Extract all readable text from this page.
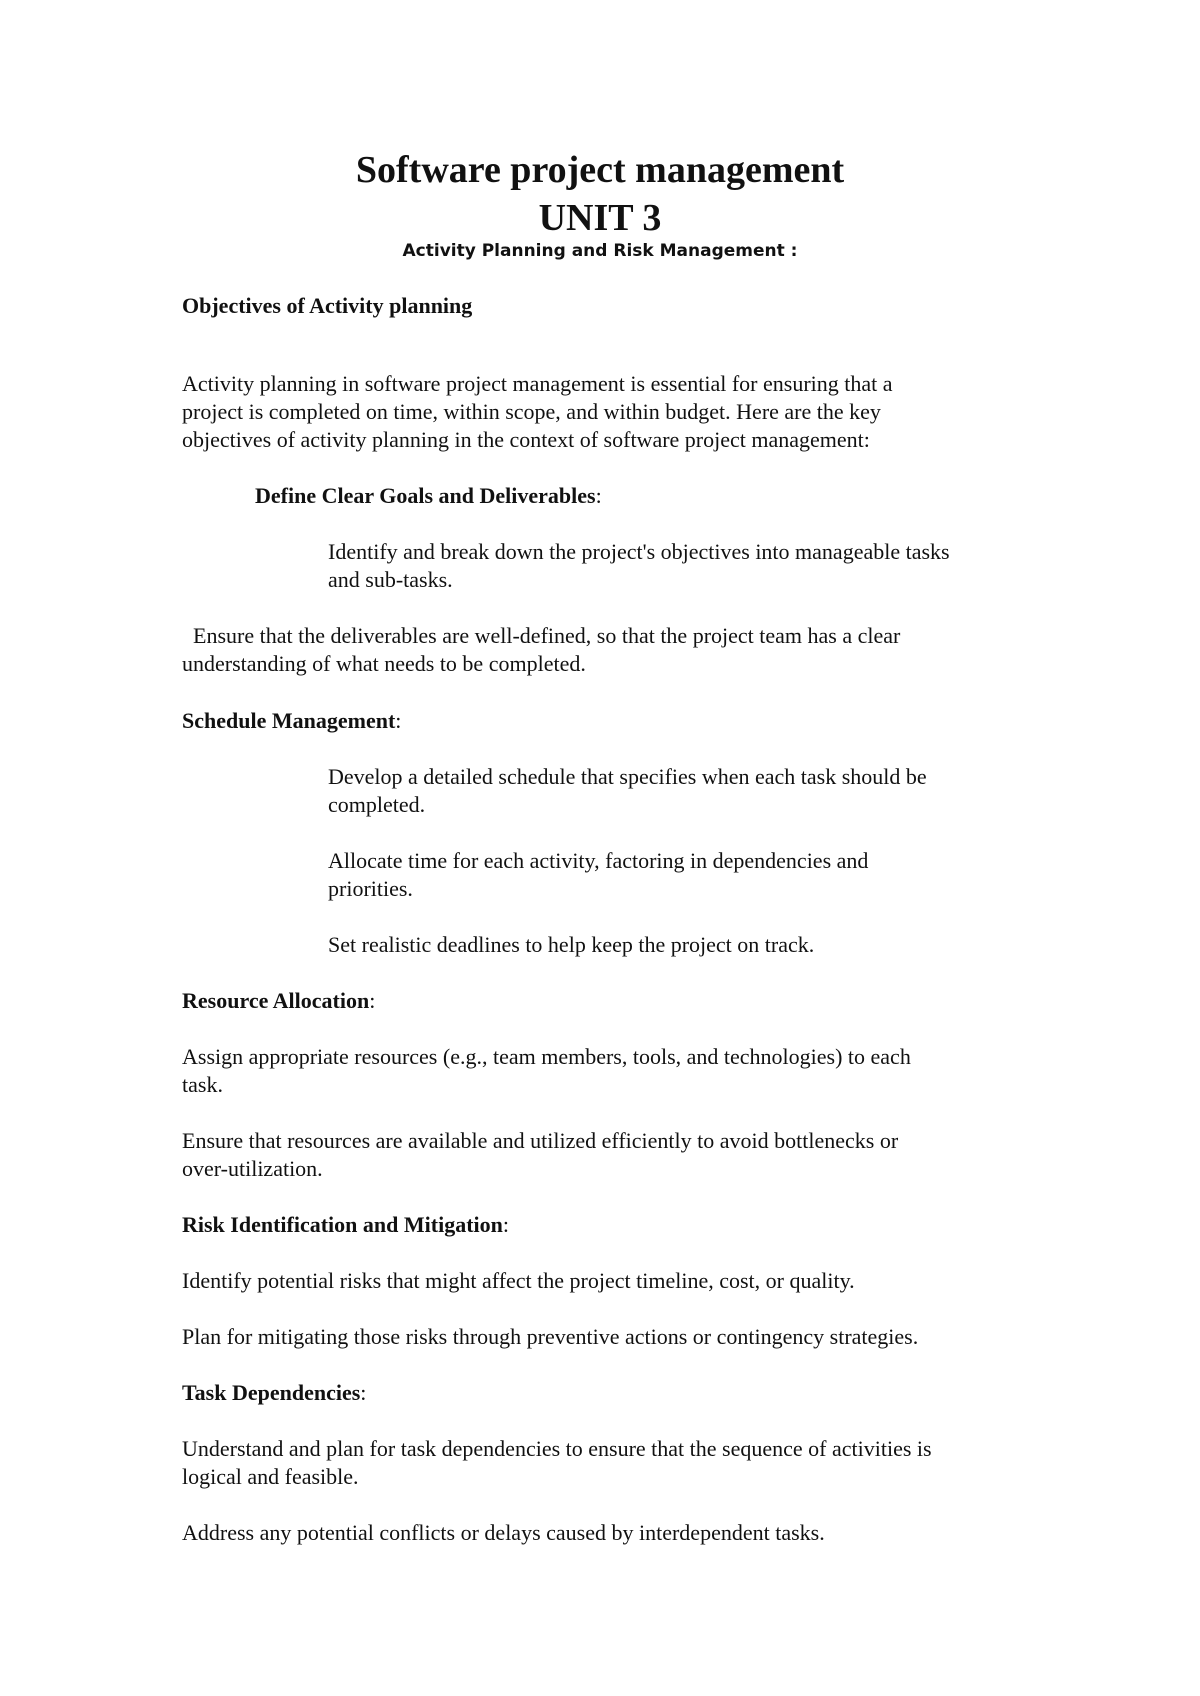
Software project management
UNIT 3
Activity Planning and Risk Management :
Objectives of Activity planning
Activity planning in software project management is essential for ensuring that a
project is completed on time, within scope, and within budget. Here are the key
objectives of activity planning in the context of software project management:
Define Clear Goals and Deliverables:
Identify and break down the project's objectives into manageable tasks
and sub-tasks.
Ensure that the deliverables are well-defined, so that the project team has a clear
understanding of what needs to be completed.
Schedule Management:
Develop a detailed schedule that specifies when each task should be
completed.
Allocate time for each activity, factoring in dependencies and
priorities.
Set realistic deadlines to help keep the project on track.
Resource Allocation:
Assign appropriate resources (e.g., team members, tools, and technologies) to each
task.
Ensure that resources are available and utilized efficiently to avoid bottlenecks or
over-utilization.
Risk Identification and Mitigation:
Identify potential risks that might affect the project timeline, cost, or quality.
Plan for mitigating those risks through preventive actions or contingency strategies.
Task Dependencies:
Understand and plan for task dependencies to ensure that the sequence of activities is
logical and feasible.
Address any potential conflicts or delays caused by interdependent tasks.
